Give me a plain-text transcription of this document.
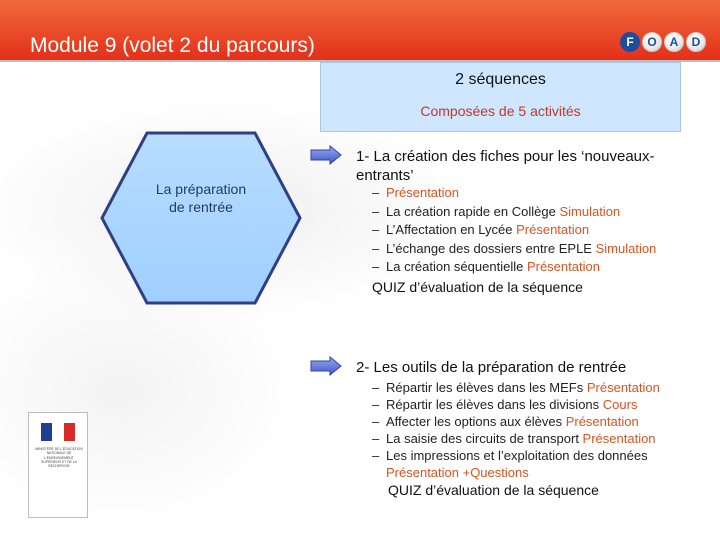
Module 9 (volet 2 du parcours)	F	O	A	D
2 séquences
Composées de 5 activités
La préparation
de rentrée
1- La création des fiches pour les ‘nouveaux-entrants’
– Présentation
– La création rapide en Collège Simulation
– L’Affectation en Lycée Présentation
– L’échange des dossiers entre EPLE Simulation
– La création séquentielle Présentation
QUIZ d’évaluation de la séquence
2- Les outils de la préparation de rentrée
– Répartir les élèves dans les MEFs Présentation
– Répartir les élèves dans les divisions Cours
– Affecter les options aux élèves Présentation
– La saisie des circuits de transport Présentation
– Les impressions et l’exploitation des données
Présentation +Questions
QUIZ d’évaluation de la séquence
MINISTÈRE DE L'ÉDUCATION NATIONALE DE L'ENSEIGNEMENT SUPÉRIEUR ET DE LA RECHERCHE
